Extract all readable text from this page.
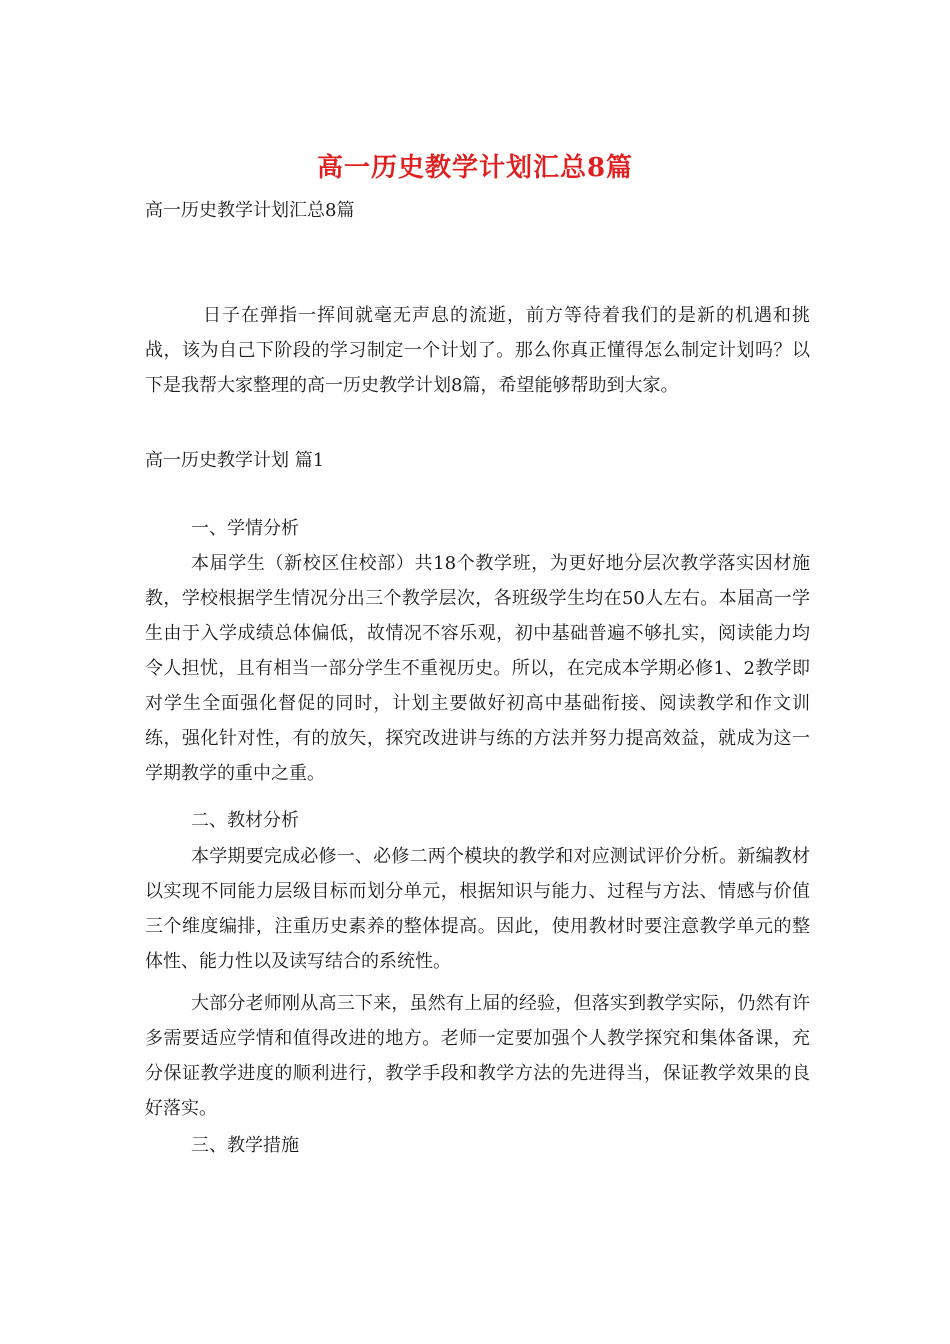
高一历史教学计划汇总8篇
高一历史教学计划汇总8篇

日子在弹指一挥间就毫无声息的流逝，前方等待着我们的是新的机遇和挑战，该为自己下阶段的学习制定一个计划了。那么你真正懂得怎么制定计划吗？以下是我帮大家整理的高一历史教学计划8篇，希望能够帮助到大家。

高一历史教学计划 篇1
一、学情分析

本届学生（新校区住校部）共18个教学班，为更好地分层次教学落实因材施教，学校根据学生情况分出三个教学层次，各班级学生均在50人左右。本届高一学生由于入学成绩总体偏低，故情况不容乐观，初中基础普遍不够扎实，阅读能力均令人担忧，且有相当一部分学生不重视历史。所以，在完成本学期必修1、2教学即对学生全面强化督促的同时，计划主要做好初高中基础衔接、阅读教学和作文训练，强化针对性，有的放矢，探究改进讲与练的方法并努力提高效益，就成为这一学期教学的重中之重。

二、教材分析

本学期要完成必修一、必修二两个模块的教学和对应测试评价分析。新编教材以实现不同能力层级目标而划分单元，根据知识与能力、过程与方法、情感与价值三个维度编排，注重历史素养的整体提高。因此，使用教材时要注意教学单元的整体性、能力性以及读写结合的系统性。

大部分老师刚从高三下来，虽然有上届的经验，但落实到教学实际，仍然有许多需要适应学情和值得改进的地方。老师一定要加强个人教学探究和集体备课，充分保证教学进度的顺利进行，教学手段和教学方法的先进得当，保证教学效果的良好落实。

三、教学措施
